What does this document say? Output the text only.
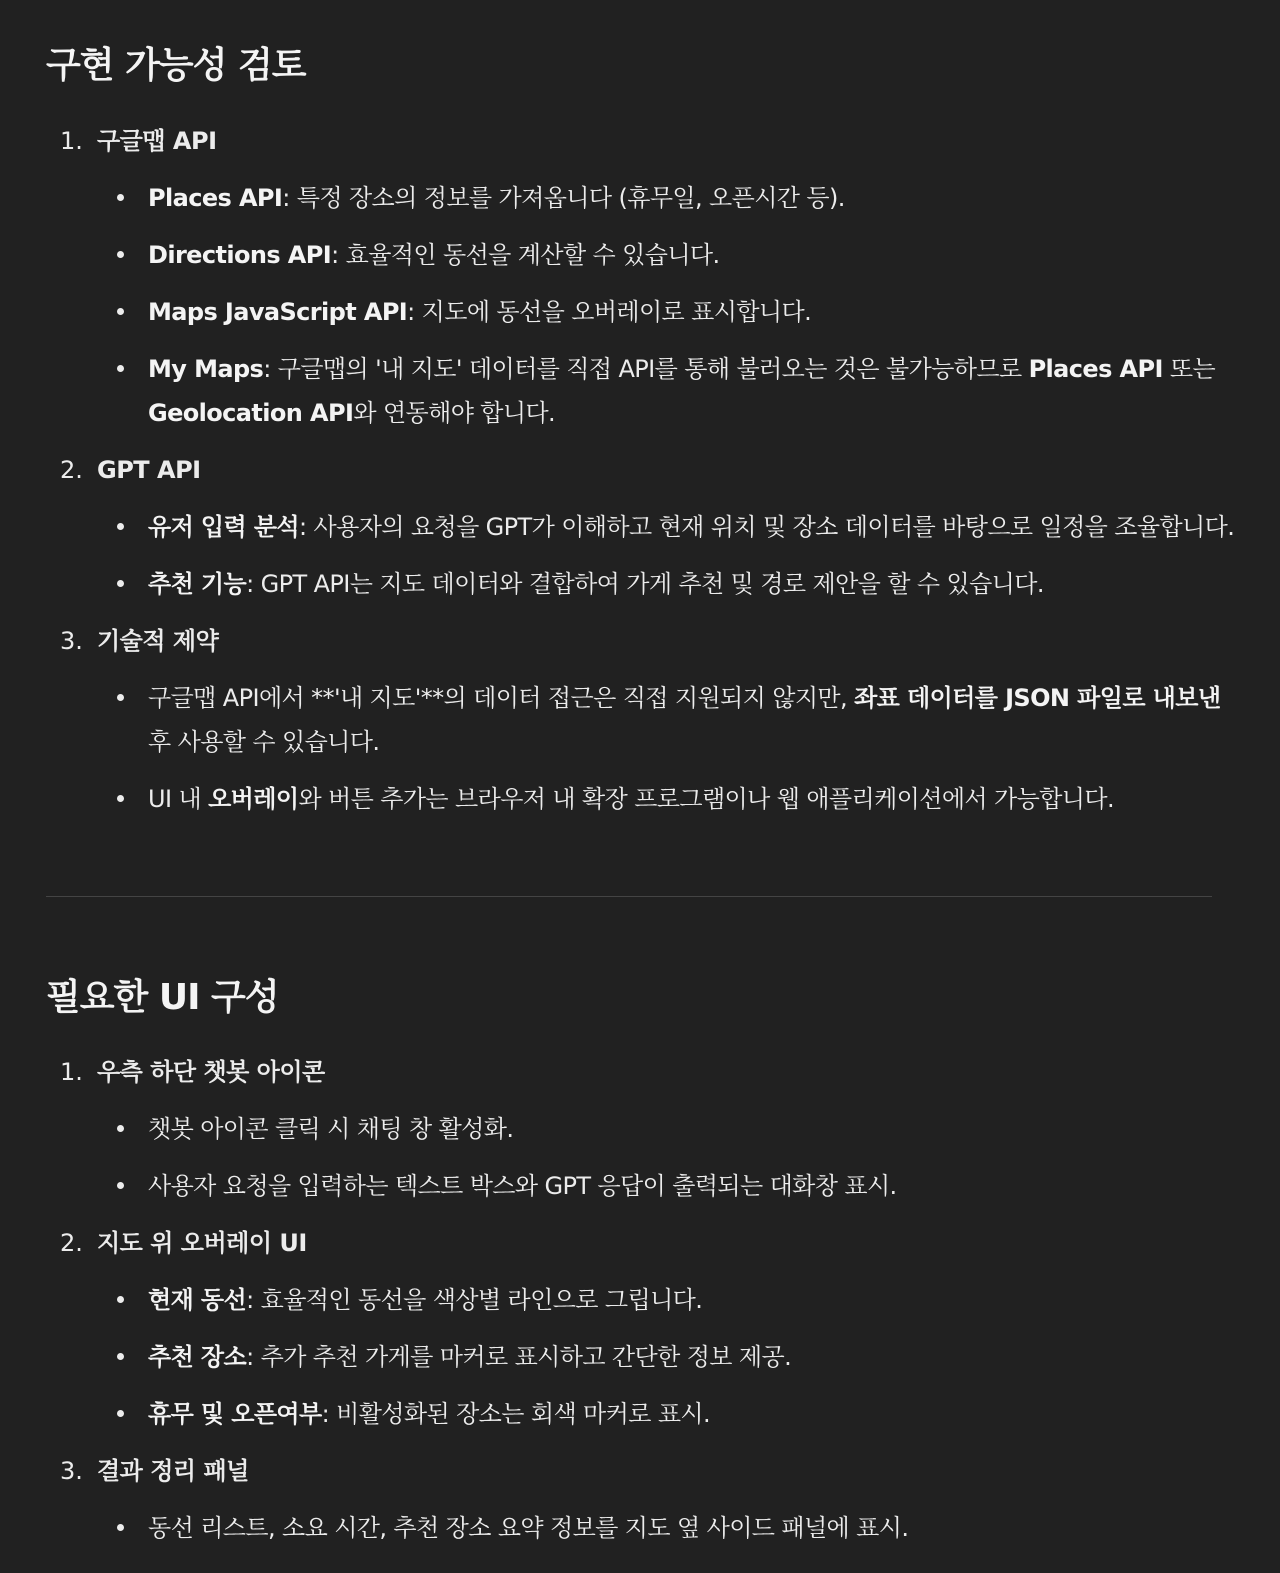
구현 가능성 검토
1. 구글맵 API
Places API: 특정 장소의 정보를 가져옵니다 (휴무일, 오픈시간 등).
Directions API: 효율적인 동선을 계산할 수 있습니다.
Maps JavaScript API: 지도에 동선을 오버레이로 표시합니다.
My Maps: 구글맵의 '내 지도' 데이터를 직접 API를 통해 불러오는 것은 불가능하므로 Places API 또는
Geolocation API와 연동해야 합니다.
2. GPT API
유저 입력 분석: 사용자의 요청을 GPT가 이해하고 현재 위치 및 장소 데이터를 바탕으로 일정을 조율합니다.
추천 기능: GPT API는 지도 데이터와 결합하여 가게 추천 및 경로 제안을 할 수 있습니다.
3. 기술적 제약
구글맵 API에서 **'내 지도'**의 데이터 접근은 직접 지원되지 않지만, 좌표 데이터를 JSON 파일로 내보낸
후 사용할 수 있습니다.
UI 내 오버레이와 버튼 추가는 브라우저 내 확장 프로그램이나 웹 애플리케이션에서 가능합니다.
필요한 UI 구성
1. 우측 하단 챗봇 아이콘
챗봇 아이콘 클릭 시 채팅 창 활성화.
사용자 요청을 입력하는 텍스트 박스와 GPT 응답이 출력되는 대화창 표시.
2. 지도 위 오버레이 UI
현재 동선: 효율적인 동선을 색상별 라인으로 그립니다.
추천 장소: 추가 추천 가게를 마커로 표시하고 간단한 정보 제공.
휴무 및 오픈여부: 비활성화된 장소는 회색 마커로 표시.
3. 결과 정리 패널
동선 리스트, 소요 시간, 추천 장소 요약 정보를 지도 옆 사이드 패널에 표시.
